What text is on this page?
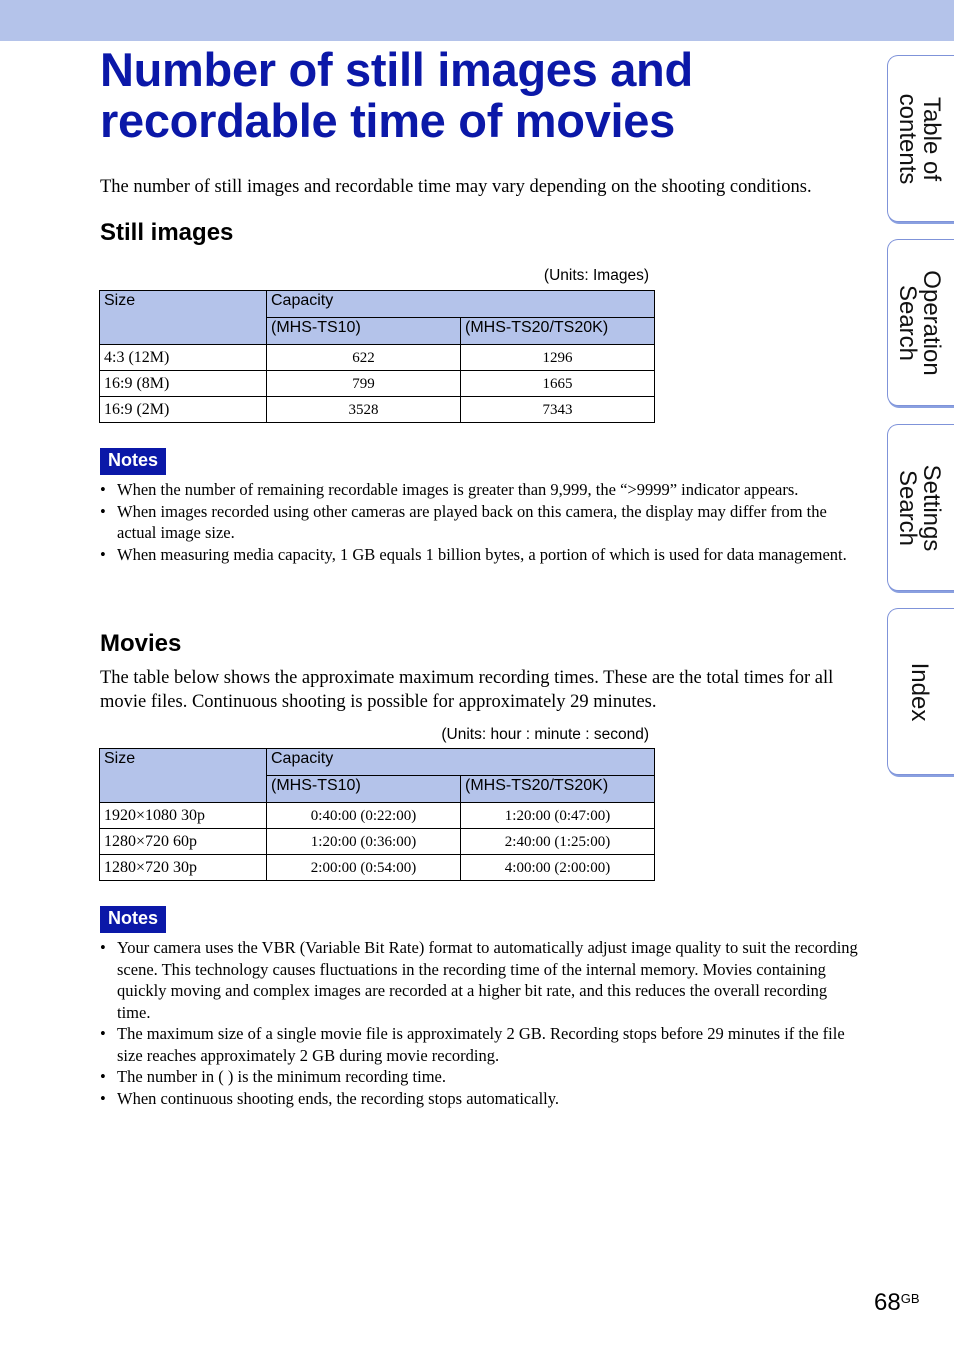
Number of still images and recordable time of movies

The number of still images and recordable time may vary depending on the shooting conditions.

Still images
(Units: Images)
Size	Capacity	
	(MHS-TS10)	(MHS-TS20/TS20K)
4:3 (12M)	622	1296
16:9 (8M)	799	1665
16:9 (2M)	3528	7343
Notes
• When the number of remaining recordable images is greater than 9,999, the “>9999” indicator appears.
• When images recorded using other cameras are played back on this camera, the display may differ from the actual image size.
• When measuring media capacity, 1 GB equals 1 billion bytes, a portion of which is used for data management.
Movies

The table below shows the approximate maximum recording times. These are the total times for all movie files. Continuous shooting is possible for approximately 29 minutes.

(Units: hour : minute : second)
Size	Capacity	
	(MHS-TS10)	(MHS-TS20/TS20K)
1920×1080 30p	0:40:00 (0:22:00)	1:20:00 (0:47:00)
1280×720 60p	1:20:00 (0:36:00)	2:40:00 (1:25:00)
1280×720 30p	2:00:00 (0:54:00)	4:00:00 (2:00:00)
Notes
• Your camera uses the VBR (Variable Bit Rate) format to automatically adjust image quality to suit the recording scene. This technology causes fluctuations in the recording time of the internal memory. Movies containing quickly moving and complex images are recorded at a higher bit rate, and this reduces the overall recording time.
• The maximum size of a single movie file is approximately 2 GB. Recording stops before 29 minutes if the file size reaches approximately 2 GB during movie recording.
• The number in ( ) is the minimum recording time.
• When continuous shooting ends, the recording stops automatically.
Table of
contents
Operation
Search
Settings
Search
Index
$68^{GB}$
